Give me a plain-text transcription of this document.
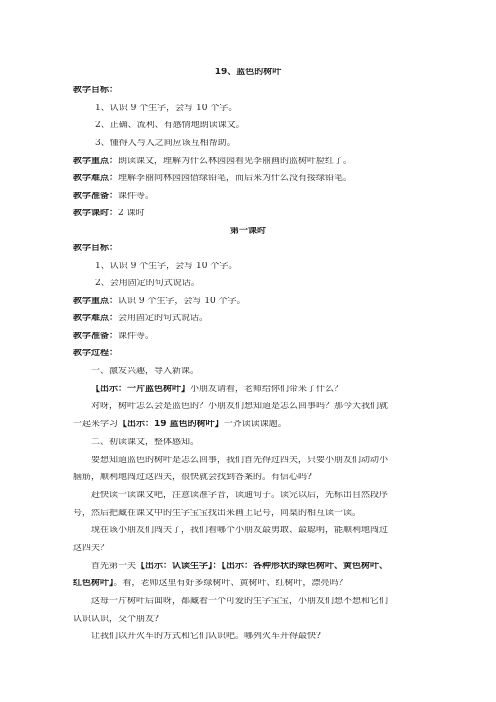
19、蓝色的树叶
教学目标：
1、认识 9 个生字，会写 10 个字。
2、正确、流利、有感情地朗读课文。
3、懂得人与人之间应该互相帮助。
教学重点：朗读课文，理解为什么林园园看见李丽画的蓝树叶脸红了。
教学难点：理解李丽向林园园借绿铅笔，而后来为什么没有接绿铅笔。
教学准备：课件等。
教学课时：2 课时
第一课时
教学目标：
1、认识 9 个生字，会写 10 个字。
2、会用固定的句式说话。
教学重点：认识 9 个生字，会写 10 个字。
教学难点：会用固定的句式说话。
教学准备：课件等。
教学过程：
一、激发兴趣，导入新课。
【出示：一片蓝色树叶】小朋友请看，老师给你们带来了什么？
对呀，树叶怎么会是蓝色的？小朋友们想知道是怎么回事吗？那今天我们就
一起来学习【出示：19 蓝色的树叶】一齐读读课题。
二、初读课文，整体感知。
要想知道蓝色的树叶是怎么回事，我们首先得过四关，只要小朋友们动动小
脑筋，顺利地闯过这四关，很快就会找到答案的。有信心吗?
赶快读一读课文吧，注意读准字音，读通句子。读完以后，先标出自然段序
号，然后把藏在课文中的生字宝宝找出来画上记号，同桌的相互读一读。
现在该小朋友们闯关了，我们看哪个小朋友最勇敢、最聪明，能顺利地闯过
这四关？
首先第一关【出示：认读生字】：【出示：各种形状的绿色树叶、黄色树叶、
红色树叶】。看，老师这里有好多绿树叶、黄树叶、红树叶，漂亮吗？
这每一片树叶后面呀，都藏着一个可爱的生字宝宝，小朋友们想不想和它们
认识认识，交个朋友?
让我们以开火车的方式和它们认识吧。哪列火车开得最快?
